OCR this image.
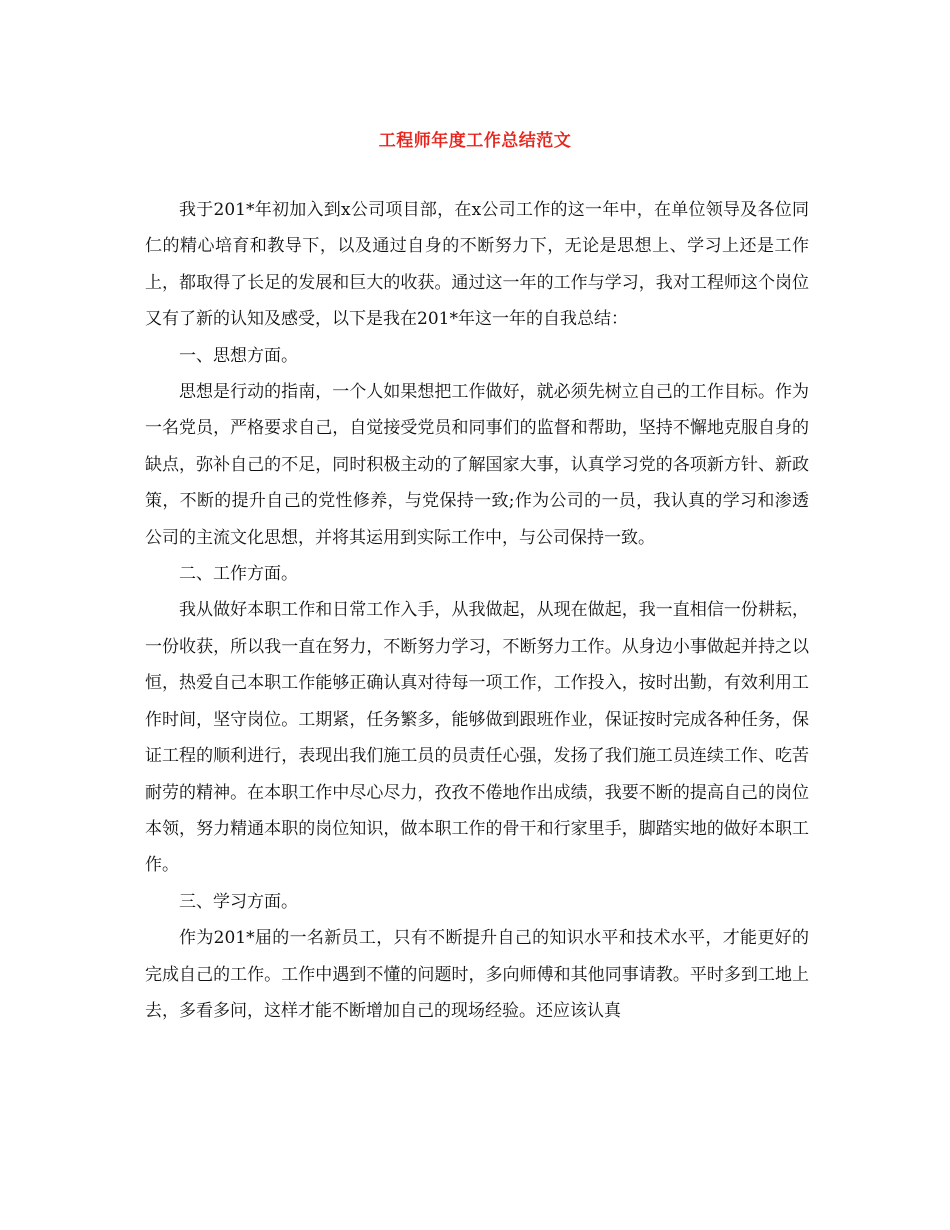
工程师年度工作总结范文

我于201*年初加入到x公司项目部，在x公司工作的这一年中，在单位领导及各位同仁的精心培育和教导下，以及通过自身的不断努力下，无论是思想上、学习上还是工作上，都取得了长足的发展和巨大的收获。通过这一年的工作与学习，我对工程师这个岗位又有了新的认知及感受，以下是我在201*年这一年的自我总结：

一、思想方面。

思想是行动的指南，一个人如果想把工作做好，就必须先树立自己的工作目标。作为一名党员，严格要求自己，自觉接受党员和同事们的监督和帮助，坚持不懈地克服自身的缺点，弥补自己的不足，同时积极主动的了解国家大事，认真学习党的各项新方针、新政策，不断的提升自己的党性修养，与党保持一致;作为公司的一员，我认真的学习和渗透公司的主流文化思想，并将其运用到实际工作中，与公司保持一致。

二、工作方面。

我从做好本职工作和日常工作入手，从我做起，从现在做起，我一直相信一份耕耘，一份收获，所以我一直在努力，不断努力学习，不断努力工作。从身边小事做起并持之以恒，热爱自己本职工作能够正确认真对待每一项工作，工作投入，按时出勤，有效利用工作时间，坚守岗位。工期紧，任务繁多，能够做到跟班作业，保证按时完成各种任务，保证工程的顺利进行，表现出我们施工员的员责任心强，发扬了我们施工员连续工作、吃苦耐劳的精神。在本职工作中尽心尽力，孜孜不倦地作出成绩，我要不断的提高自己的岗位本领，努力精通本职的岗位知识，做本职工作的骨干和行家里手，脚踏实地的做好本职工作。

三、学习方面。

作为201*届的一名新员工，只有不断提升自己的知识水平和技术水平，才能更好的完成自己的工作。工作中遇到不懂的问题时，多向师傅和其他同事请教。平时多到工地上去，多看多问，这样才能不断增加自己的现场经验。还应该认真
